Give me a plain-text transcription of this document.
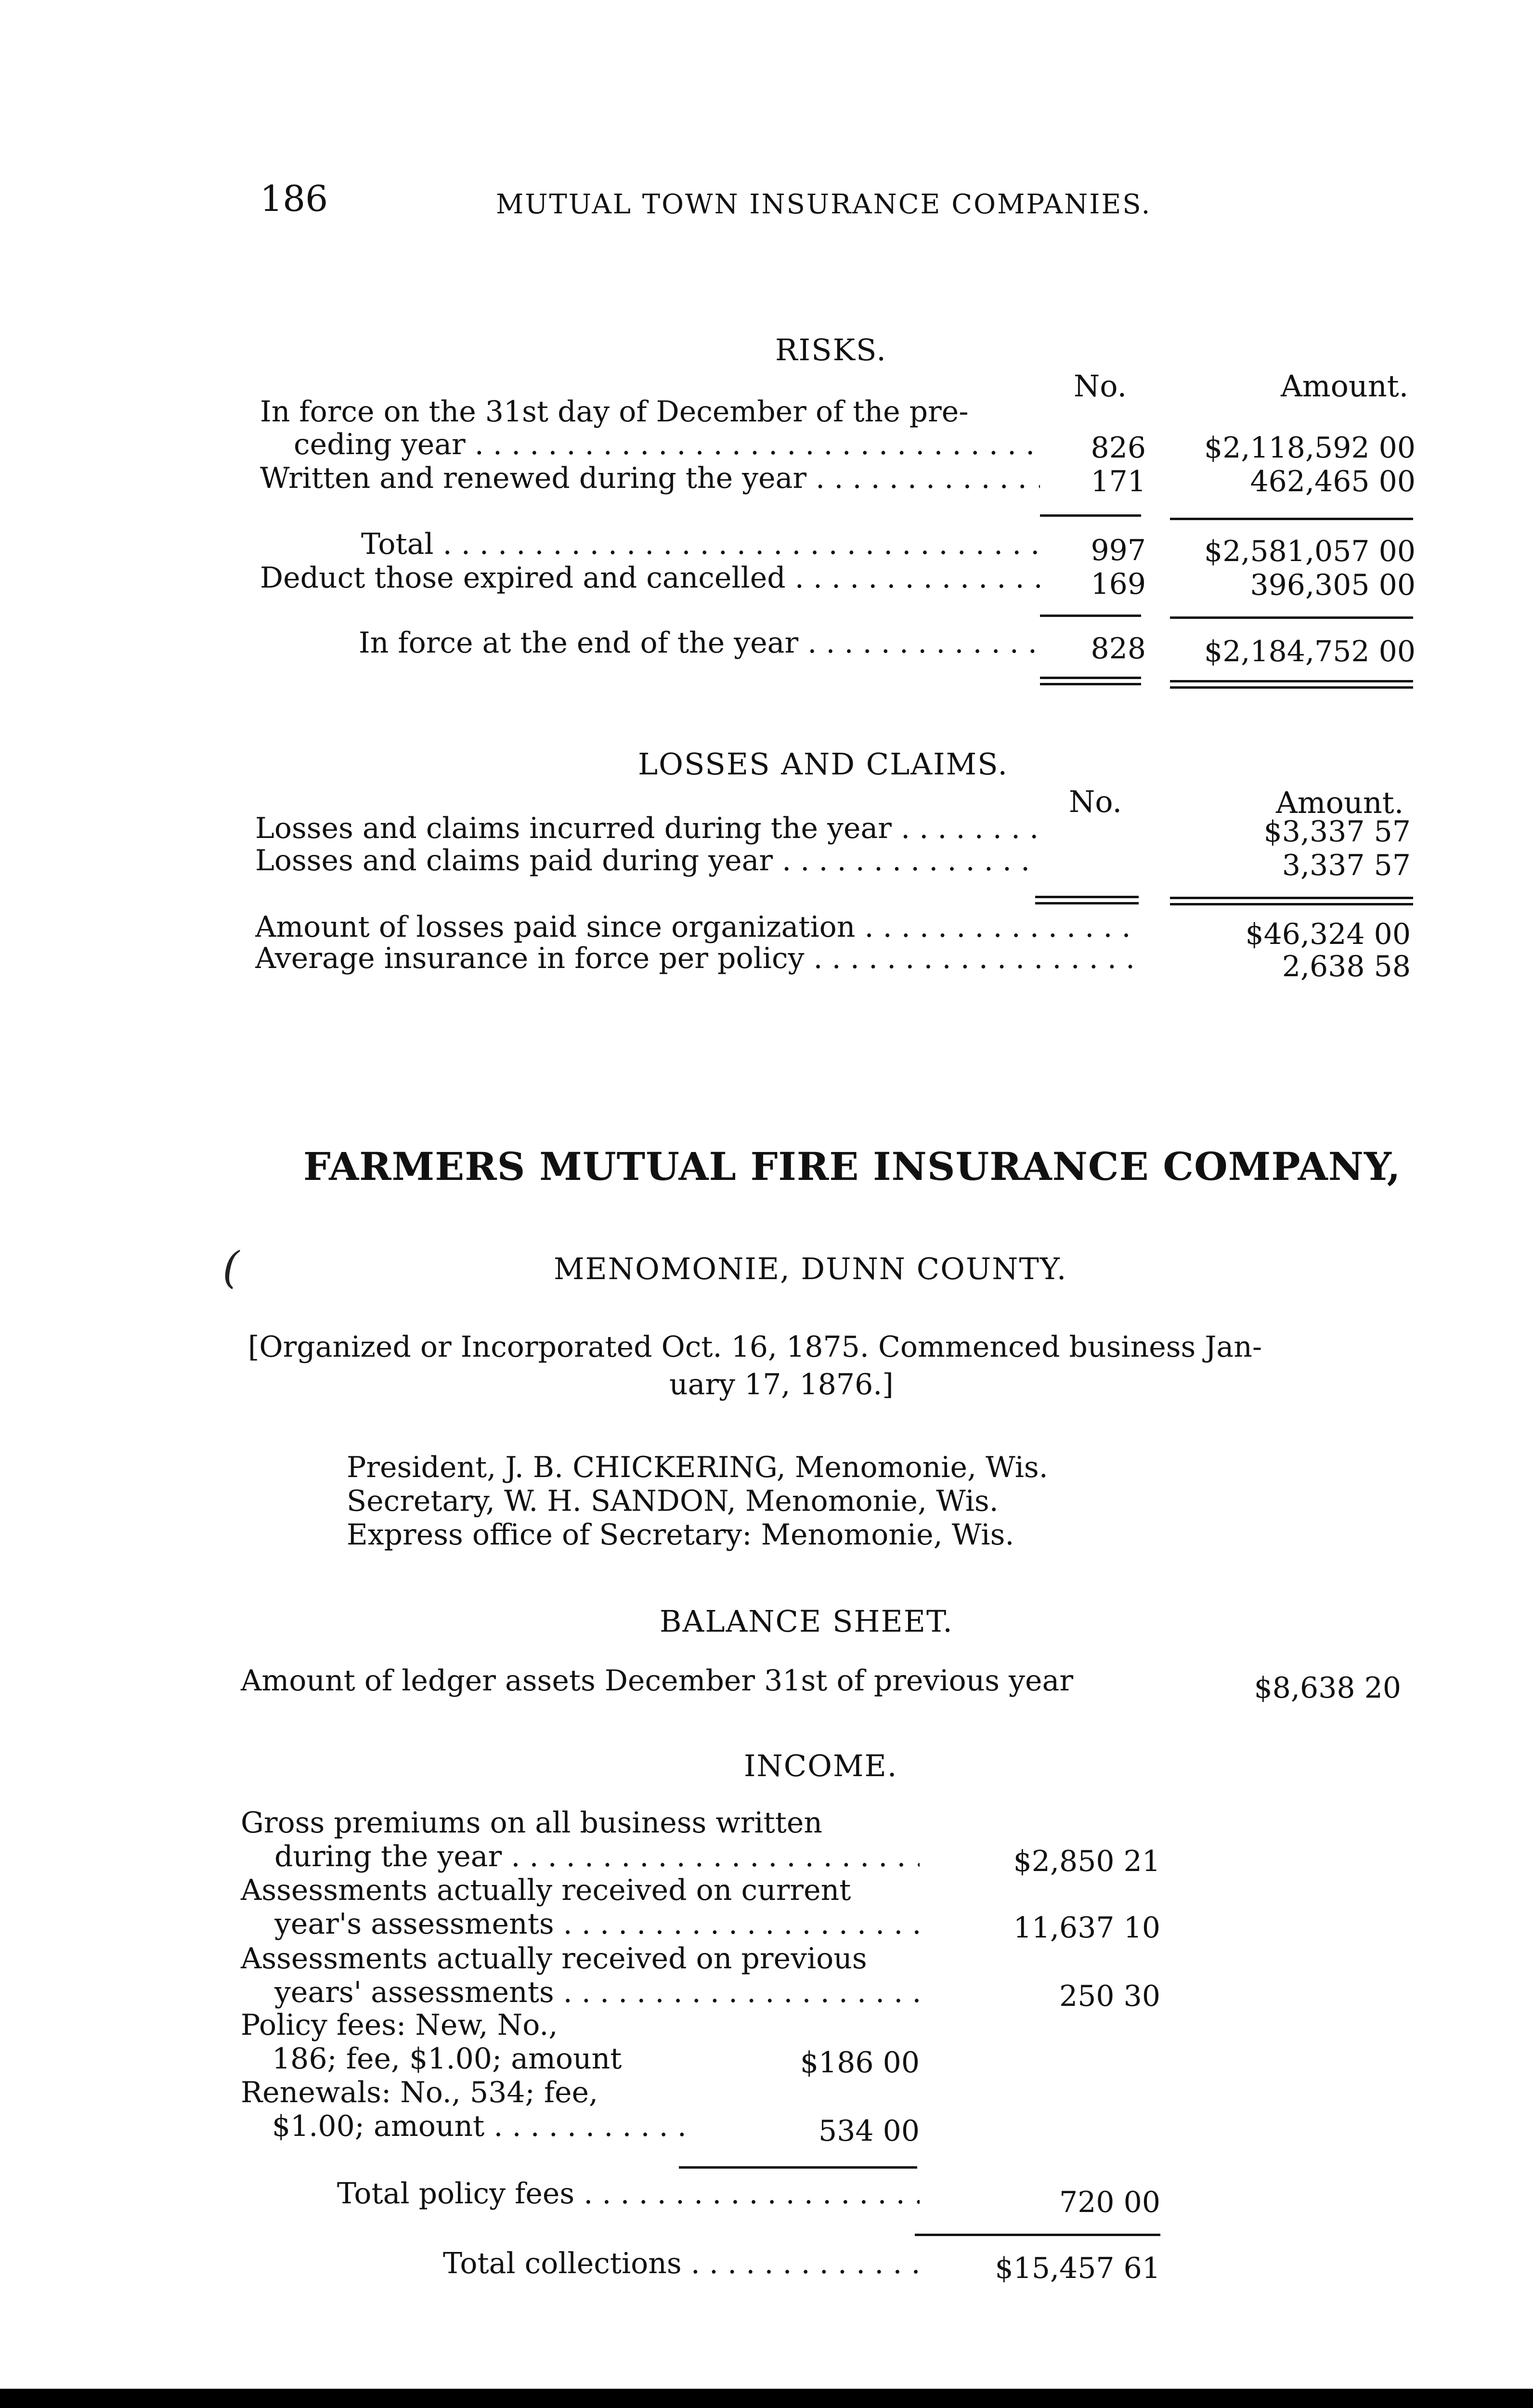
186	MUTUAL TOWN INSURANCE COMPANIES.
RISKS.
No.	Amount.
In force on the 31st day of December of the pre-
ceding year . . .	826	$2,118,592 00
Written and renewed during the year . . .	171	462,465 00
Total . . .	997	$2,581,057 00
Deduct those expired and cancelled . . .	169	396,305 00
In force at the end of the year . . .	828	$2,184,752 00
LOSSES AND CLAIMS.
No.	Amount.
Losses and claims incurred during the year . . .	$3,337 57
Losses and claims paid during year . . .	3,337 57
Amount of losses paid since organization . . .	$46,324 00
Average insurance in force per policy . . .	2,638 58
FARMERS MUTUAL FIRE INSURANCE COMPANY,
(	MENOMONIE, DUNN COUNTY.
[Organized or Incorporated Oct. 16, 1875. Commenced business Jan-
uary 17, 1876.]
President, J. B. CHICKERING, Menomonie, Wis.
Secretary, W. H. SANDON, Menomonie, Wis.
Express office of Secretary: Menomonie, Wis.
BALANCE SHEET.
Amount of ledger assets December 31st of previous year	$8,638 20
INCOME.
Gross premiums on all business written
during the year . . .	$2,850 21
Assessments actually received on current
year's assessments . . .	11,637 10
Assessments actually received on previous
years' assessments . . .	250 30
Policy fees: New, No.,
186; fee, $1.00; amount	$186 00
Renewals: No., 534; fee,
$1.00; amount . . .	534 00
Total policy fees . . .	720 00
Total collections . . .	$15,457 61
